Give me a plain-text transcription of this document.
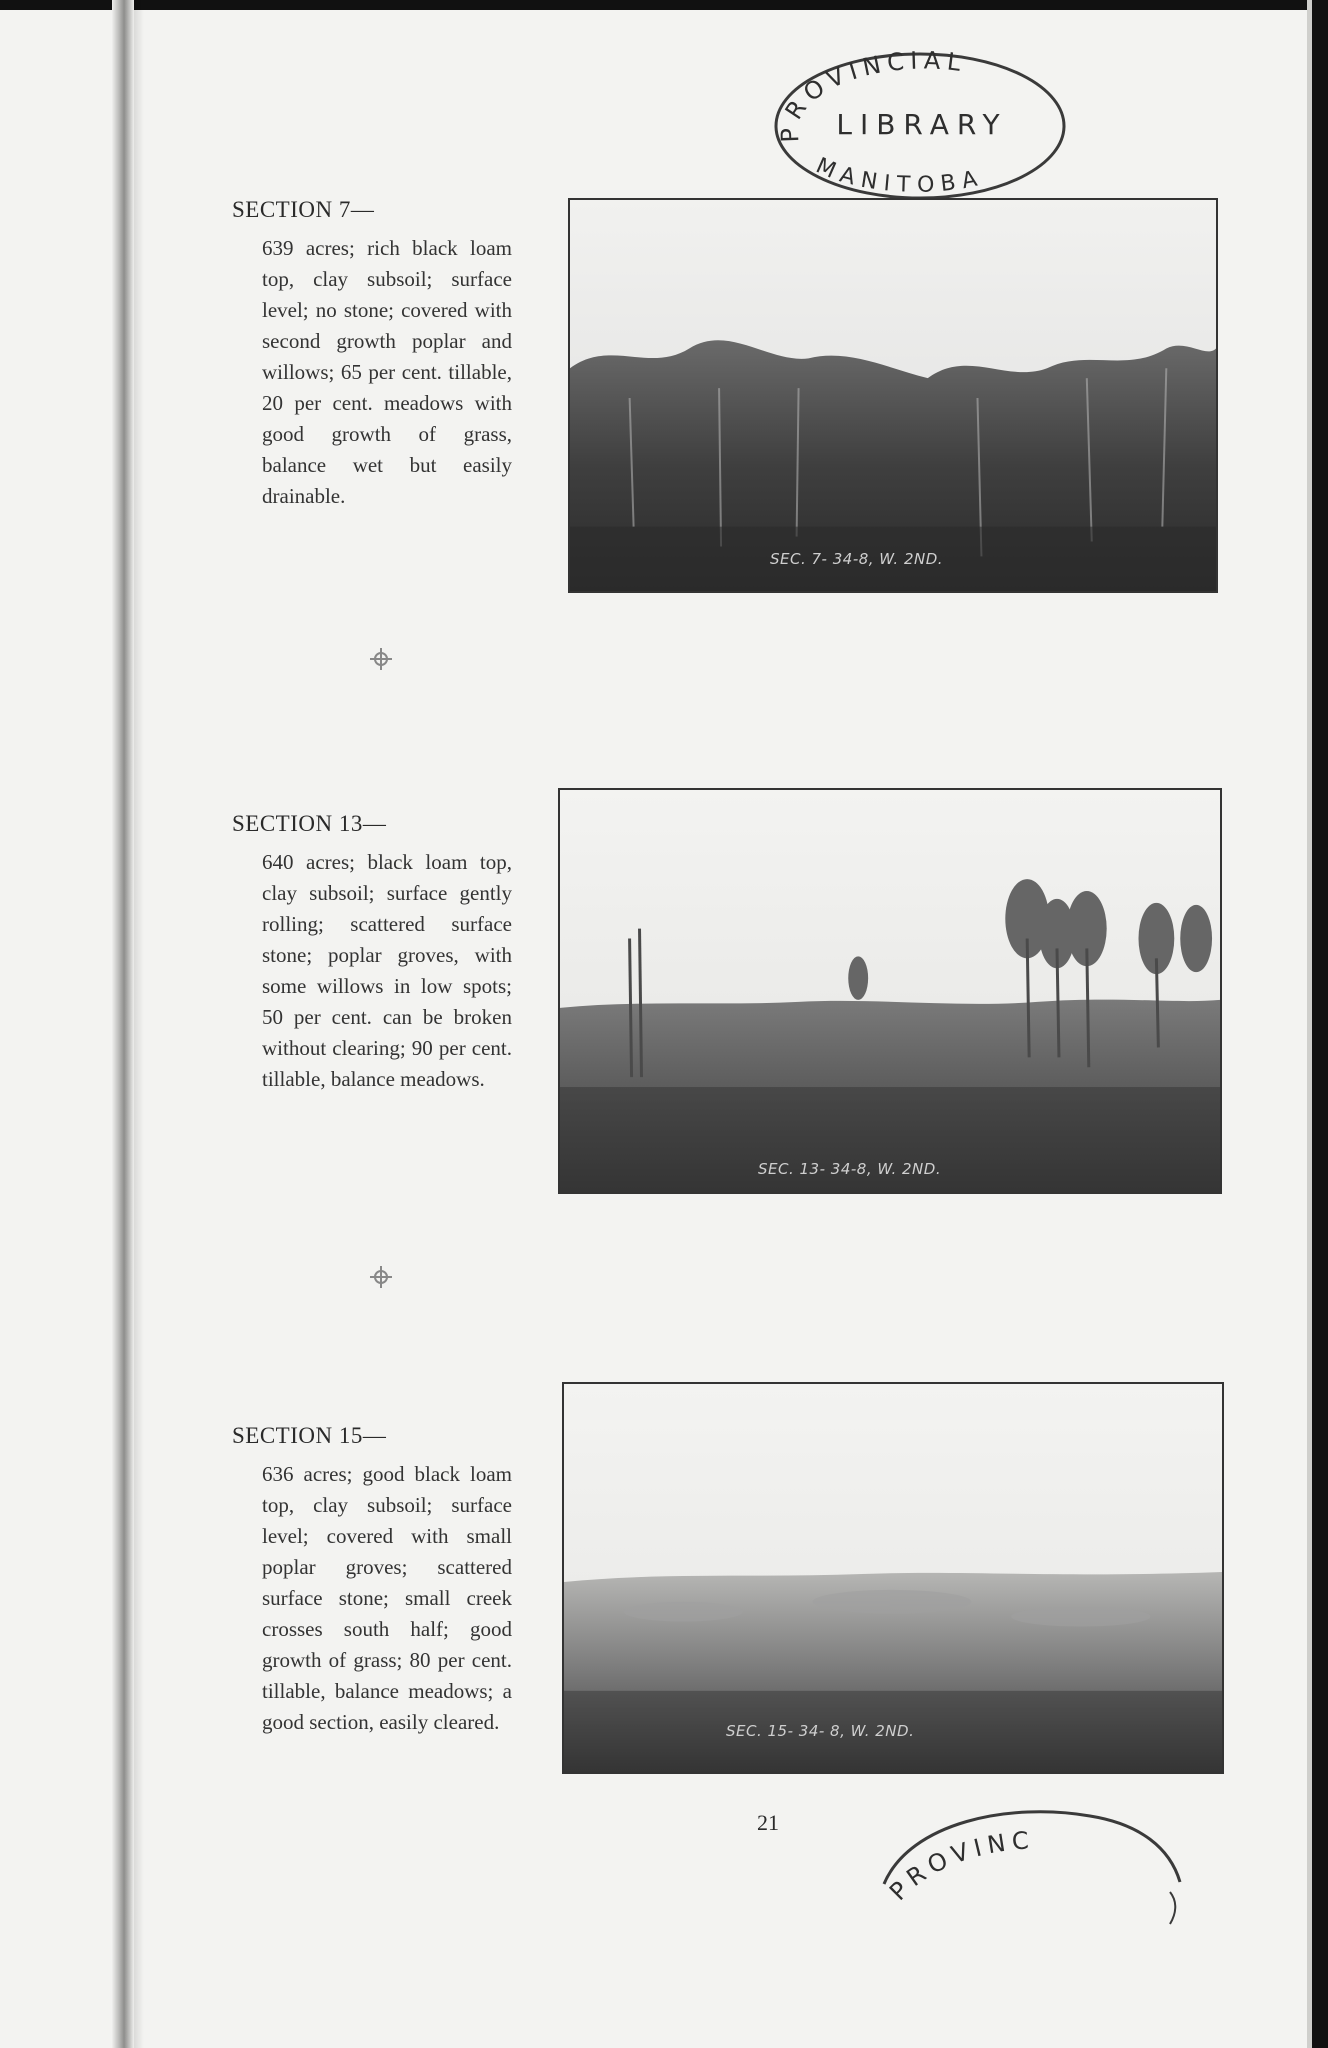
PROVINCIAL
LIBRARY
MANITOBA
SECTION 7—

639 acres; rich black loam top, clay subsoil; surface level; no stone; covered with second growth poplar and willows; 65 per cent. tillable, 20 per cent. meadows with good growth of grass, balance wet but easily drainable.

SEC. 7- 34-8, W. 2ND.
SECTION 13—

640 acres; black loam top, clay subsoil; surface gently rolling; scattered surface stone; poplar groves, with some willows in low spots; 50 per cent. can be broken without clearing; 90 per cent. tillable, balance meadows.

SEC. 13- 34-8, W. 2ND.
SECTION 15—

636 acres; good black loam top, clay subsoil; surface level; covered with small poplar groves; scattered surface stone; small creek crosses south half; good growth of grass; 80 per cent. tillable, balance meadows; a good section, easily cleared.	SEC. 15- 34- 8, W. 2ND.
21
PROVINC
